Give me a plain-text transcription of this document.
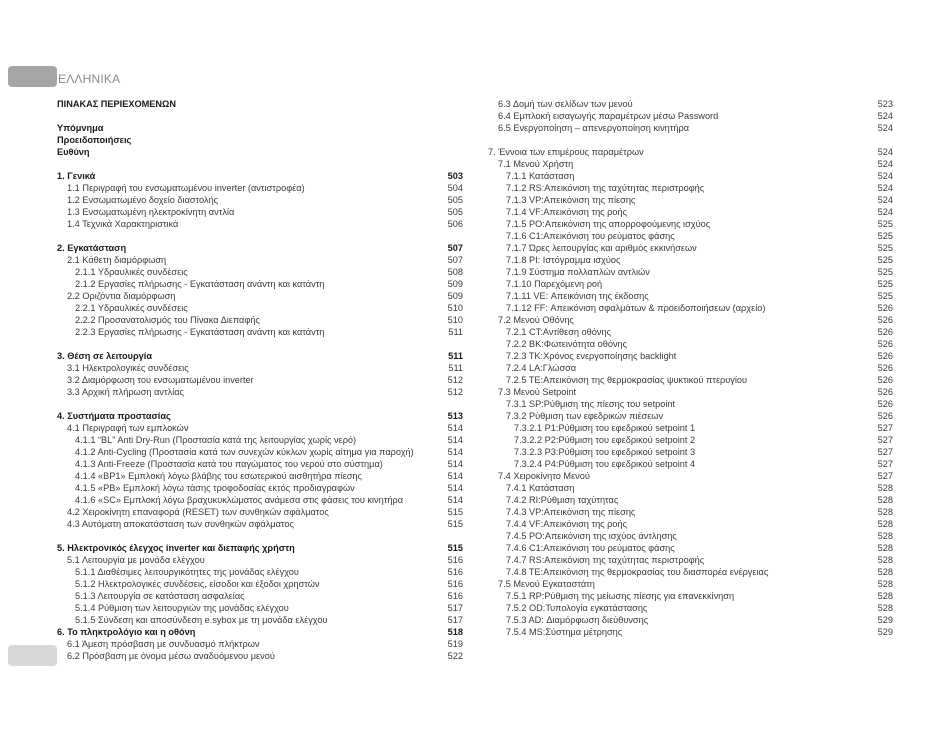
ΕΛΛΗΝΙΚΑ
ΠΙΝΑΚΑΣ ΠΕΡΙΕΧΟΜΕΝΩΝ
Υπόμνημα
Προειδοποιήσεις
Ευθύνη
1. Γενικά	503
1.1 Περιγραφή του ενσωματωμένου inverter (αντιστροφέα)	504
1.2 Ενσωματωμένο δοχείο διαστολής	505
1.3 Ενσωματωμένη ηλεκτροκίνητη αντλία	505
1.4 Τεχνικά Χαρακτηριστικά	506
2. Εγκατάσταση	507
2.1 Κάθετη διαμόρφωση	507
2.1.1 Υδραυλικές συνδέσεις	508
2.1.2 Εργασίες πλήρωσης - Εγκατάσταση ανάντη και κατάντη	509
2.2 Οριζόντια διαμόρφωση	509
2.2.1 Υδραυλικές συνδέσεις	510
2.2.2 Προσανατολισμός του Πίνακα Διεπαφής	510
2.2.3 Εργασίες πλήρωσης - Εγκατάσταση ανάντη και κατάντη	511
3. Θέση σε λειτουργία	511
3.1 Ηλεκτρολογικές συνδέσεις	511
3.2 Διαμόρφωση του ενσωματωμένου inverter	512
3.3 Αρχική πλήρωση αντλίας	512
4. Συστήματα προστασίας	513
4.1 Περιγραφή των εμπλοκών	514
4.1.1 “BL” Anti Dry-Run (Προστασία κατά της λειτουργίας χωρίς νερό)	514
4.1.2 Anti-Cycling (Προστασία κατά των συνεχών κύκλων χωρίς αίτημα για παροχή)	514
4.1.3 Anti-Freeze (Προστασία κατά του παγώματος του νερού στο σύστημα)	514
4.1.4 «BP1» Εμπλοκή λόγω βλάβης του εσωτερικού αισθητήρα πίεσης	514
4.1.5 «PB» Εμπλοκή λόγω τάσης τροφοδοσίας εκτός προδιαγραφών	514
4.1.6 «SC» Εμπλοκή λόγω βραχυκυκλώματος ανάμεσα στις φάσεις του κινητήρα	514
4.2 Χειροκίνητη επαναφορά (RESET) των συνθηκών σφάλματος	515
4.3 Αυτόματη αποκατάσταση των συνθηκών σφάλματος	515
5. Ηλεκτρονικός έλεγχος inverter και διεπαφής χρήστη	515
5.1 Λειτουργία με μονάδα ελέγχου	516
5.1.1 Διαθέσιμες λειτουργικότητες της μονάδας ελέγχου	516
5.1.2 Ηλεκτρολογικές συνδέσεις, είσοδοι και έξοδοι χρηστών	516
5.1.3 Λειτουργία σε κατάσταση ασφαλείας	516
5.1.4 Ρύθμιση των λειτουργιών της μονάδας ελέγχου	517
5.1.5 Σύνδεση και αποσύνδεση e.sybox με τη μονάδα ελέγχου	517
6. Το πληκτρολόγιο και η οθόνη	518
6.1 Άμεση πρόσβαση με συνδυασμό πλήκτρων	519
6.2 Πρόσβαση με όνομα μέσω αναδυόμενου μενού	522
6.3 Δομή των σελίδων των μενού	523
6.4 Εμπλοκή εισαγωγής παραμέτρων μέσω Password	524
6.5 Ενεργοποίηση – απενεργοποίηση κινητήρα	524
7. Έννοια των επιμέρους παραμέτρων	524
7.1 Μενού Χρήστη	524
7.1.1 Κατάσταση	524
7.1.2 RS:Απεικόνιση της ταχύτητας περιστροφής	524
7.1.3 VP:Απεικόνιση της πίεσης	524
7.1.4 VF:Απεικόνιση της ροής	524
7.1.5 PO:Απεικόνιση της απορροφούμενης ισχύος	525
7.1.6 C1:Απεικόνιση του ρεύματος φάσης	525
7.1.7 Ώρες λειτουργίας και αριθμός εκκινήσεων	525
7.1.8 PI: Ιστόγραμμα ισχύος	525
7.1.9 Σύστημα πολλαπλών αντλιών	525
7.1.10 Παρεχόμενη ροή	525
7.1.11 VE: Απεικόνιση της έκδοσης	525
7.1.12 FF: Απεικόνιση σφαλμάτων & προειδοποιήσεων (αρχείο)	526
7.2 Μενού Οθόνης	526
7.2.1 CT:Αντίθεση οθόνης	526
7.2.2 BK:Φωτεινότητα οθόνης	526
7.2.3 TK:Χρόνος ενεργοποίησης backlight	526
7.2.4 LA:Γλώσσα	526
7.2.5 TE:Απεικόνιση της θερμοκρασίας ψυκτικού πτερυγίου	526
7.3 Μενού Setpoint	526
7.3.1 SP:Ρύθμιση της πίεσης του setpoint	526
7.3.2 Ρύθμιση των εφεδρικών πιέσεων	526
7.3.2.1 P1:Ρύθμιση του εφεδρικού setpoint 1	527
7.3.2.2 P2:Ρύθμιση του εφεδρικού setpoint 2	527
7.3.2.3 P3:Ρύθμιση του εφεδρικού setpoint 3	527
7.3.2.4 P4:Ρύθμιση του εφεδρικού setpoint 4	527
7.4 Χειροκίνητο Μενού	527
7.4.1 Κατάσταση	528
7.4.2 RI:Ρύθμιση ταχύτητας	528
7.4.3 VP:Απεικόνιση της πίεσης	528
7.4.4 VF:Απεικόνιση της ροής	528
7.4.5 PO:Απεικόνιση της ισχύος άντλησης	528
7.4.6 C1:Απεικόνιση του ρεύματος φάσης	528
7.4.7 RS:Απεικόνιση της ταχύτητας περιστροφής	528
7.4.8 TE:Απεικόνιση της θερμοκρασίας του διασπορέα ενέργειας	528
7.5 Μενού Εγκαταστάτη	528
7.5.1 RP:Ρύθμιση της μείωσης πίεσης για επανεκκίνηση	528
7.5.2 OD:Τυπολογία εγκατάστασης	528
7.5.3 AD: Διαμόρφωση διεύθυνσης	529
7.5.4 MS:Σύστημα μέτρησης	529
